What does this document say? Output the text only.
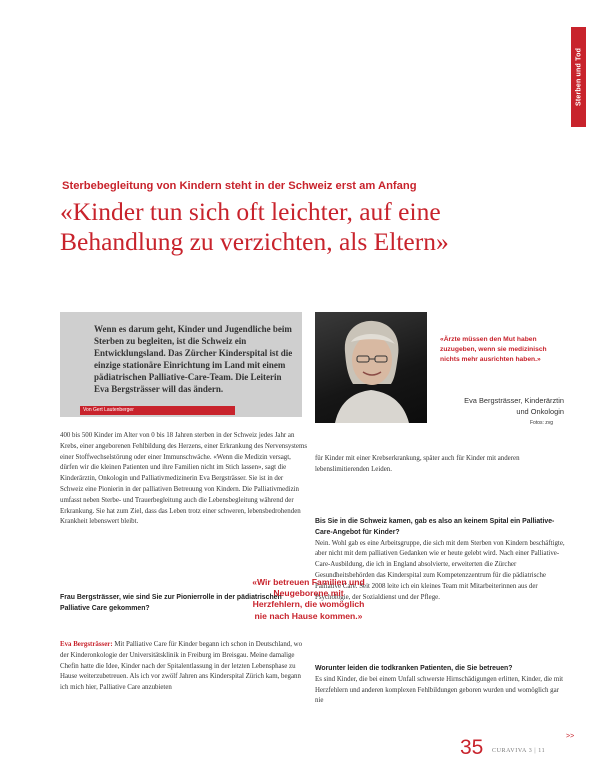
Sterben und Tod
Sterbebegleitung von Kindern steht in der Schweiz erst am Anfang
«Kinder tun sich oft leichter, auf eine Behandlung zu verzichten, als Eltern»
Wenn es darum geht, Kinder und Jugendliche beim Sterben zu begleiten, ist die Schweiz ein Entwicklungsland. Das Zürcher Kinderspital ist die einzige stationäre Einrichtung im Land mit einem pädiatrischen Palliative-Care-Team. Die Leiterin Eva Bergsträsser will das ändern.
Von Gert Lautenberger
«Ärzte müssen den Mut haben zuzugeben, wenn sie medizinisch nichts mehr ausrichten haben.»
Eva Bergsträsser, Kinderärztin und Onkologin
Fotos: zvg

400 bis 500 Kinder im Alter von 0 bis 18 Jahren sterben in der Schweiz jedes Jahr an Krebs, einer angeborenen Fehlbildung des Herzens, einer Erkrankung des Nervensystems einer Stoffwechselstörung oder einer Immunschwäche. «Wenn die Medizin versagt, dürfen wir die kleinen Patienten und ihre Familien nicht im Stich lassen», sagt die Kinderärztin, Onkologin und Palliativmedizinerin Eva Bergsträsser. Sie ist in der Schweiz eine Pionierin in der palliativen Betreuung von Kindern. Die Palliativmedizin umfasst neben Sterbe- und Trauerbegleitung auch die Lebensbegleitung während der Erkrankung. Sie hat zum Ziel, dass das Leben trotz einer schweren, lebensbedrohenden Krankheit lebenswert bleibt.

Frau Bergsträsser, wie sind Sie zur Pionierrolle in der pädiatrischen Palliative Care gekommen?

Eva Bergsträsser: Mit Palliative Care für Kinder begann ich schon in Deutschland, wo der Kinderonkologie der Universitätsklinik in Freiburg im Breisgau. Meine damalige Chefin hatte die Idee, Kinder nach der Spitalentlassung in der letzten Lebensphase zu Hause weiterzubetreuen. Als ich vor zwölf Jahren ans Kinderspital Zürich kam, begann ich mich hier, Palliative Care anzubieten

für Kinder mit einer Krebserkrankung, später auch für Kinder mit anderen lebenslimitierenden Leiden.

Bis Sie in die Schweiz kamen, gab es also an keinem Spital ein Palliative-Care-Angebot für Kinder?

Nein. Wohl gab es eine Arbeitsgruppe, die sich mit dem Sterben von Kindern beschäftigte, aber nicht mit dem palliativen Gedanken wie er heute gelebt wird. Nach einer Palliative-Care-Ausbildung, die ich in England absolvierte, erweiterten die Zürcher Gesundheitsbehörden das Kinderspital zum Kompetenzzentrum für die pädiatrische Palliative Care. Seit 2008 leite ich ein kleines Team mit Mitarbeiterinnen aus der Psychologie, der Sozialdienst und der Pflege.

Worunter leiden die todkranken Patienten, die Sie betreuen?

Es sind Kinder, die bei einem Unfall schwerste Hirnschädigungen erlitten, Kinder, die mit Herzfehlern und anderen komplexen Fehlbildungen geboren wurden und womöglich gar nie

«Wir betreuen Familien und Neugeborene mit Herzfehlern, die womöglich nie nach Hause kommen.»
35 CURAVIVA 3 | 11
>>
